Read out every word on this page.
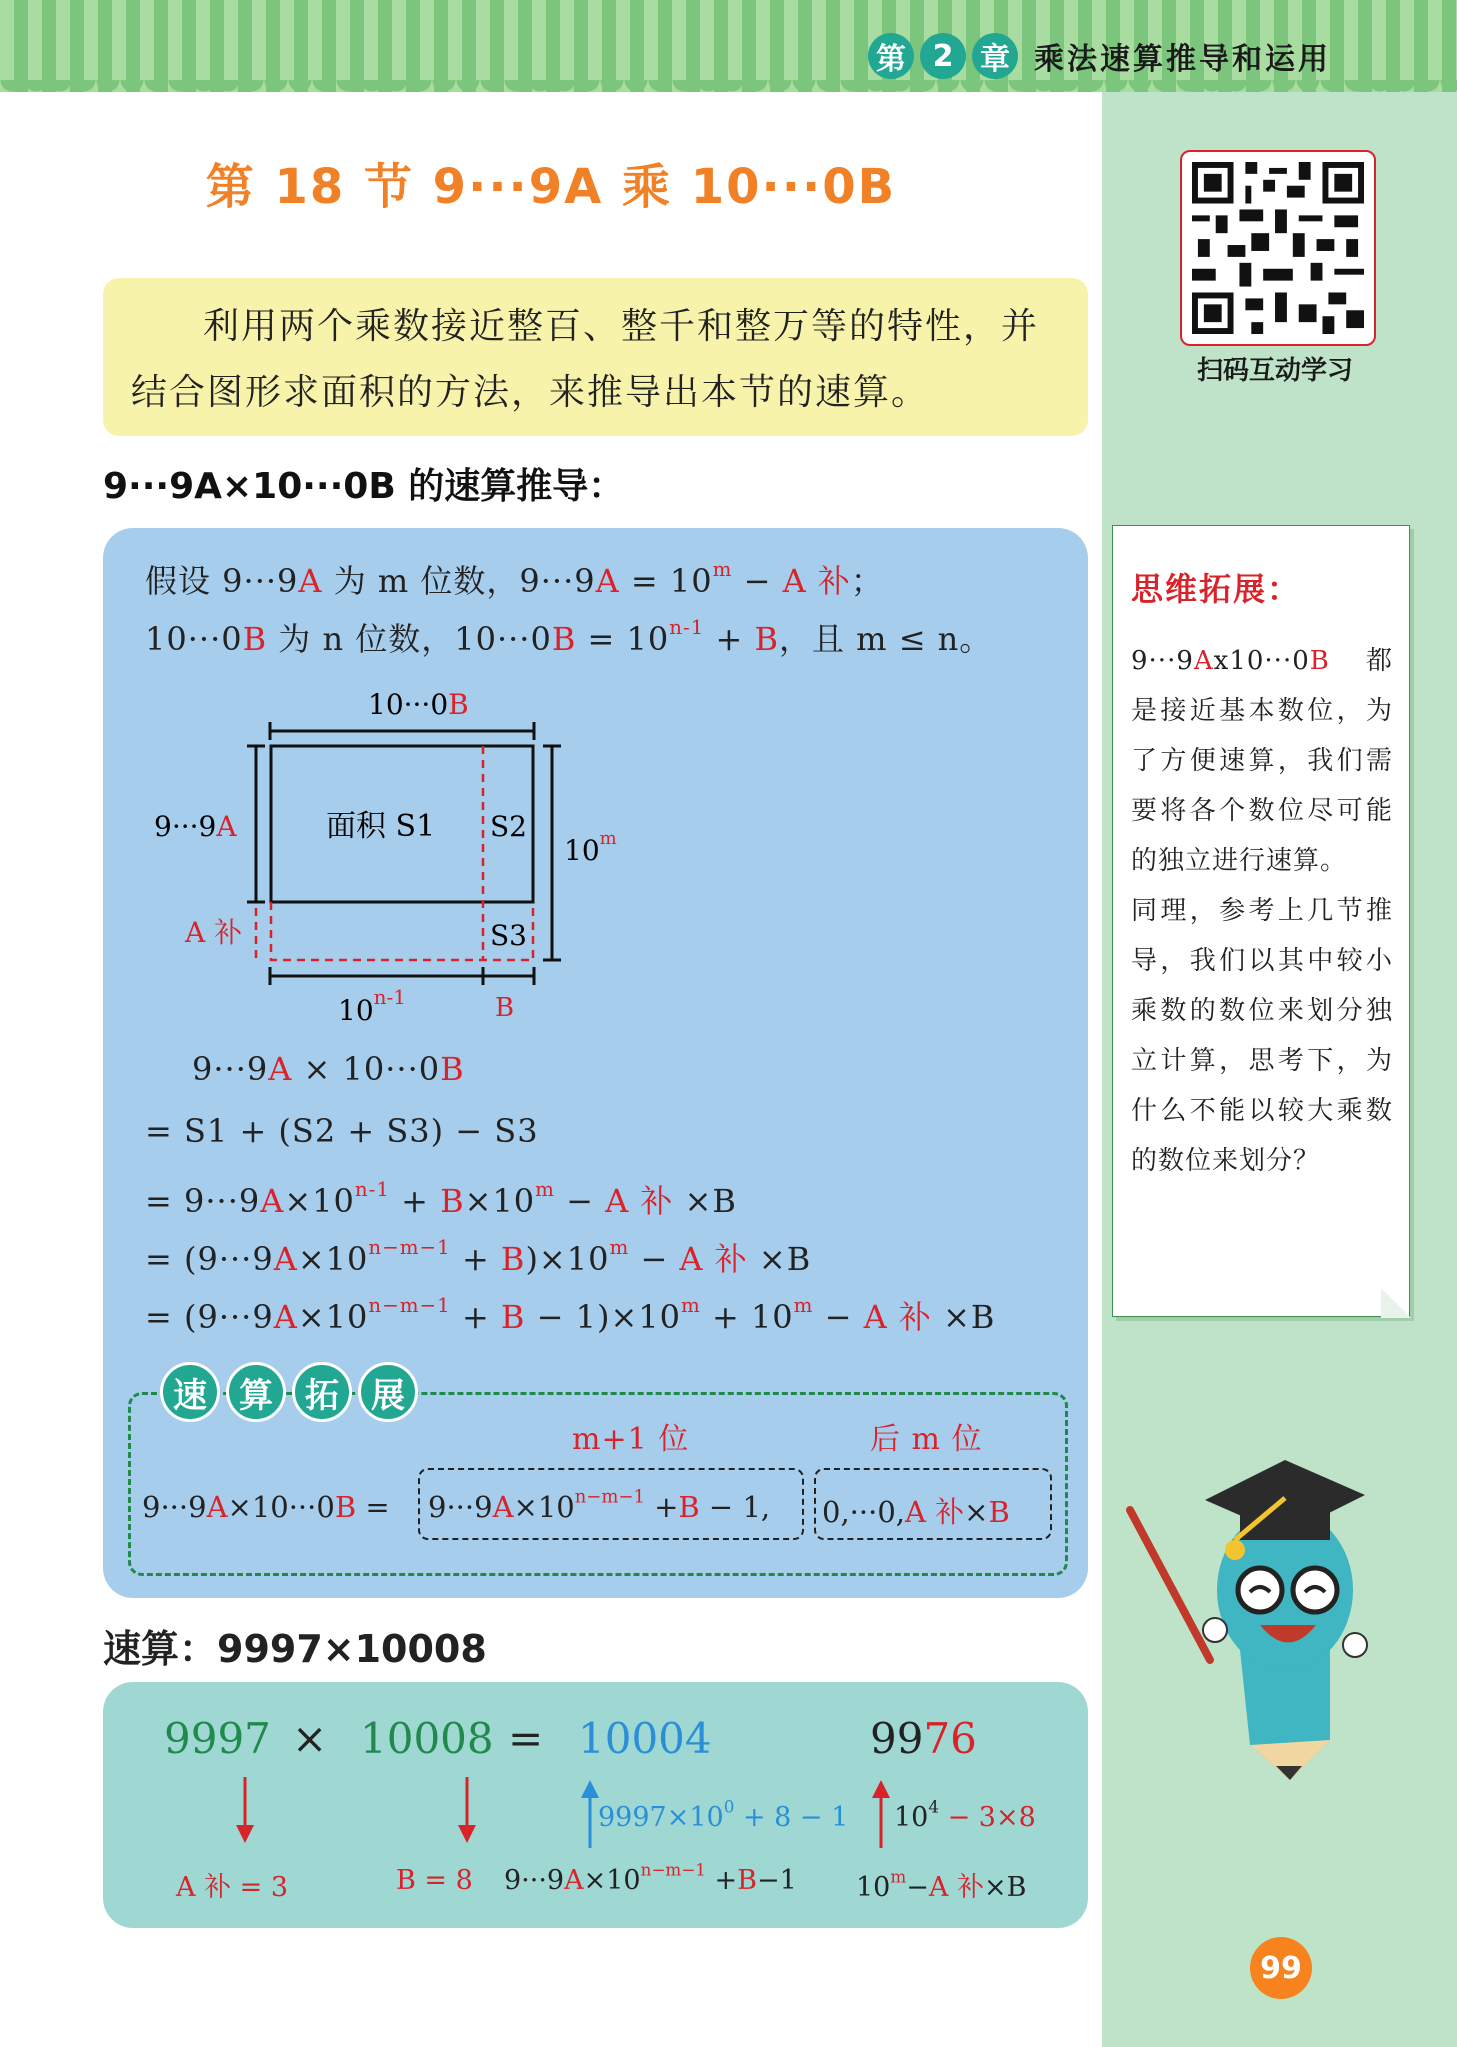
第 2 章 乘法速算推导和运用
扫码互动学习
思维拓展：
9···9Ax10···0B 都是接近基本数位，为了方便速算，我们需要将各个数位尽可能的独立进行速算。
同理，参考上几节推导，我们以其中较小乘数的数位来划分独立计算，思考下，为什么不能以较大乘数的数位来划分？
99
第 18 节 9···9A 乘 10···0B

利用两个乘数接近整百、整千和整万等的特性，并结合图形求面积的方法，来推导出本节的速算。

9···9A×10···0B 的速算推导：
假设 9···9A 为 m 位数，$9\cdot\cdot\cdot 9A = 10^m - A$ 补；
10···0B 为 n 位数，$10\cdot\cdot\cdot 0B = 10^{n-1} + B$，且 m ≤ n。
10···0B
9···9A	面积 S1 S2
S3
10$^m$
A 补
10$^{n-1}$	B
9···9A × 10···0B
= S1 + (S2 + S3) − S3
= $9\cdot\cdot\cdot 9A\times 10^{n-1} + B\times 10^m - A$ 补 ×B
= $(9\cdot\cdot\cdot 9A\times 10^{n-m-1} + B)\times 10^m - A$ 补 ×B
= $(9\cdot\cdot\cdot 9A\times 10^{n-m-1} + B - 1)\times 10^m + 10^m - A$ 补 ×B
速 算 拓 展
m+1 位	后 m 位
$9\cdot\cdot\cdot 9A\times 10\cdot\cdot\cdot 0B = 9\cdot\cdot\cdot 9A\times 10^{n-m-1} +B - 1$, 0,···0,A 补×B
速算：9997×10008
9997 × 10008 = 10004	9976
$9997\times 10^0 + 8 - 1$ $10^4 - 3\times 8$
A 补 = 3	B = 8 $9\cdot\cdot\cdot 9A\times 10^{n-m-1} +B-1$ $10^m-A$ 补×B
